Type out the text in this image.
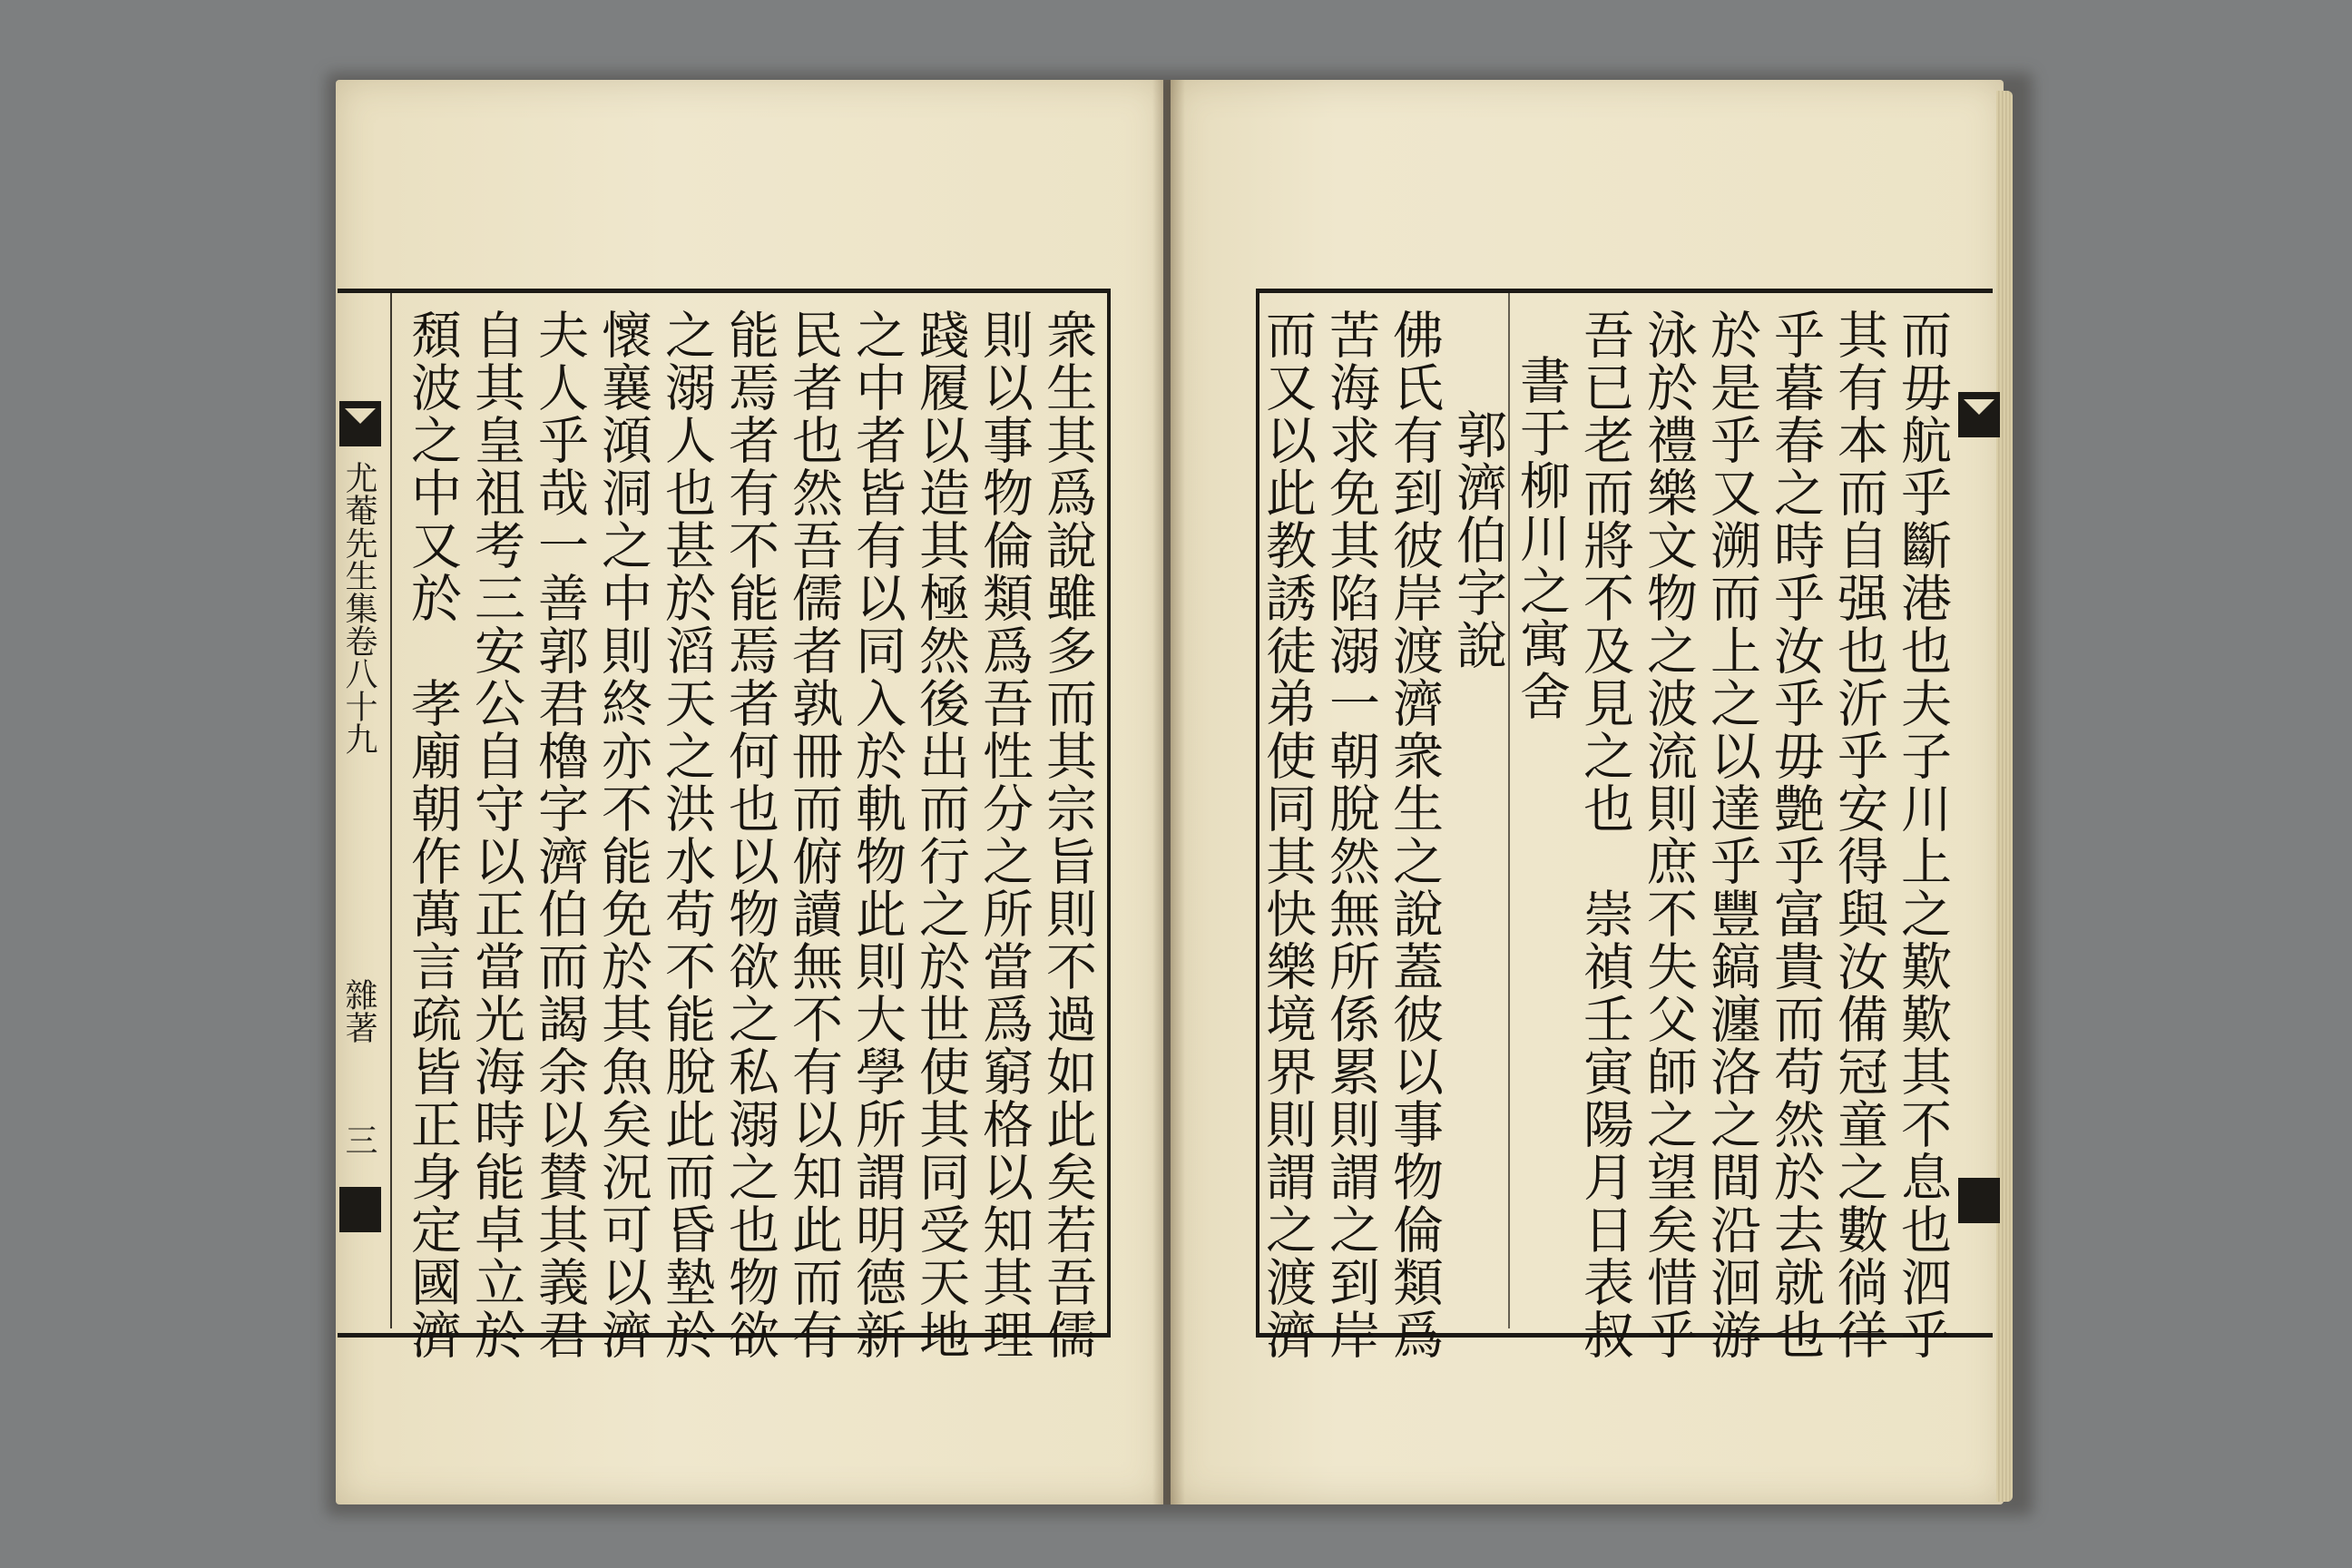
尤菴先生集卷八十九
雜著
三	衆生其爲說雖多而其宗旨則不過如此矣若吾儒
則以事物倫類爲吾性分之所當爲窮格以知其理
踐履以造其極然後出而行之於世使其同受天地
之中者皆有以同入於軌物此則大學所謂明德新
民者也然吾儒者孰冊而俯讀無不有以知此而有
能焉者有不能焉者何也以物欲之私溺之也物欲
之溺人也甚於滔天之洪水苟不能脫此而昏墊於
懷襄澒洞之中則終亦不能免於其魚矣況可以濟
夫人乎哉一善郭君櫓字濟伯而謁余以賛其義君
自其皇祖考三安公自守以正當光海時能卓立於
頹波之中又於　孝廟朝作萬言疏皆正身定國濟	而毋航乎斷港也夫子川上之歎歎其不息也泗乎
其有本而自强也沂乎安得與汝備冠童之數徜徉
乎暮春之時乎汝乎毋艶乎富貴而苟然於去就也
於是乎又溯而上之以達乎豐鎬瀍洛之間沿洄游
泳於禮樂文物之波流則庶不失父師之望矣惜乎
吾已老而將不及見之也　崇禎壬寅陽月日表叔
書于柳川之寓舍
郭濟伯字說
佛氏有到彼岸渡濟衆生之說蓋彼以事物倫類爲
苦海求免其陷溺一朝脫然無所係累則謂之到岸
而又以此教誘徒弟使同其快樂境界則謂之渡濟
